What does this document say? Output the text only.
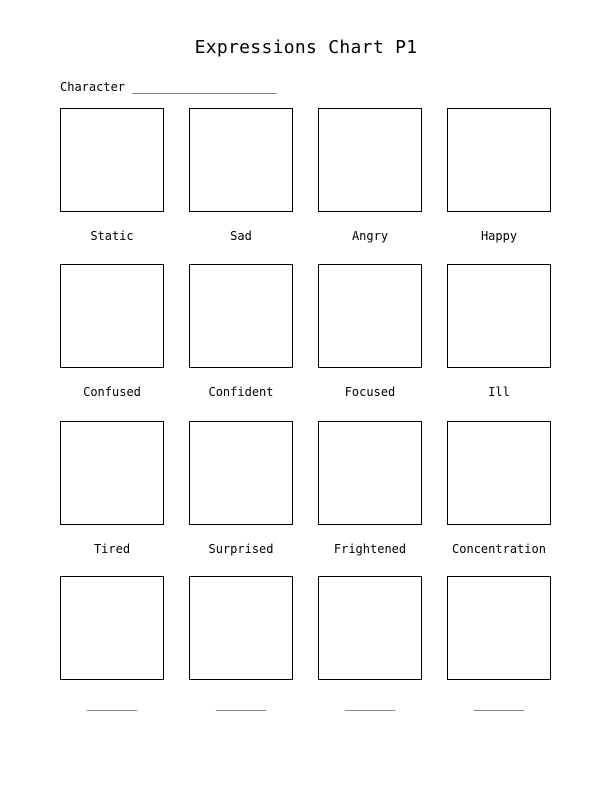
Expressions Chart P1
Character ____________________
Static	Sad	Angry	Happy
Confused	Confident	Focused	Ill
Tired	Surprised	Frightened	Concentration
_______	_______	_______	_______
